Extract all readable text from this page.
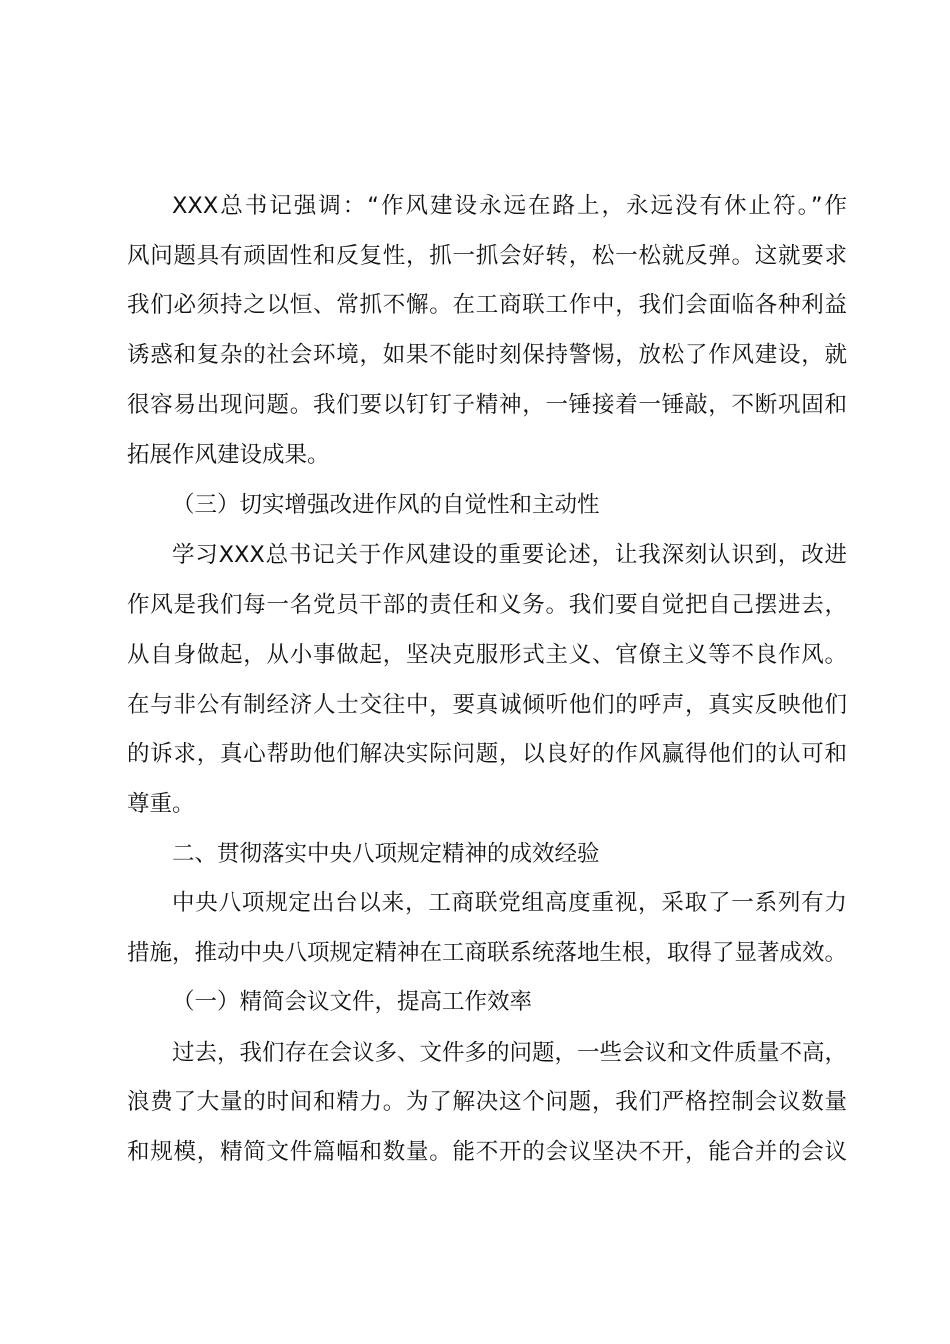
XXX总书记强调：“作风建设永远在路上，永远没有休止符。”作
风问题具有顽固性和反复性，抓一抓会好转，松一松就反弹。这就要求
我们必须持之以恒、常抓不懈。在工商联工作中，我们会面临各种利益
诱惑和复杂的社会环境，如果不能时刻保持警惕，放松了作风建设，就
很容易出现问题。我们要以钉钉子精神，一锤接着一锤敲，不断巩固和
拓展作风建设成果。
（三）切实增强改进作风的自觉性和主动性
学习XXX总书记关于作风建设的重要论述，让我深刻认识到，改进
作风是我们每一名党员干部的责任和义务。我们要自觉把自己摆进去，
从自身做起，从小事做起，坚决克服形式主义、官僚主义等不良作风。
在与非公有制经济人士交往中，要真诚倾听他们的呼声，真实反映他们
的诉求，真心帮助他们解决实际问题，以良好的作风赢得他们的认可和
尊重。
二、贯彻落实中央八项规定精神的成效经验
中央八项规定出台以来，工商联党组高度重视，采取了一系列有力
措施，推动中央八项规定精神在工商联系统落地生根，取得了显著成效。
（一）精简会议文件，提高工作效率
过去，我们存在会议多、文件多的问题，一些会议和文件质量不高，
浪费了大量的时间和精力。为了解决这个问题，我们严格控制会议数量
和规模，精简文件篇幅和数量。能不开的会议坚决不开，能合并的会议
